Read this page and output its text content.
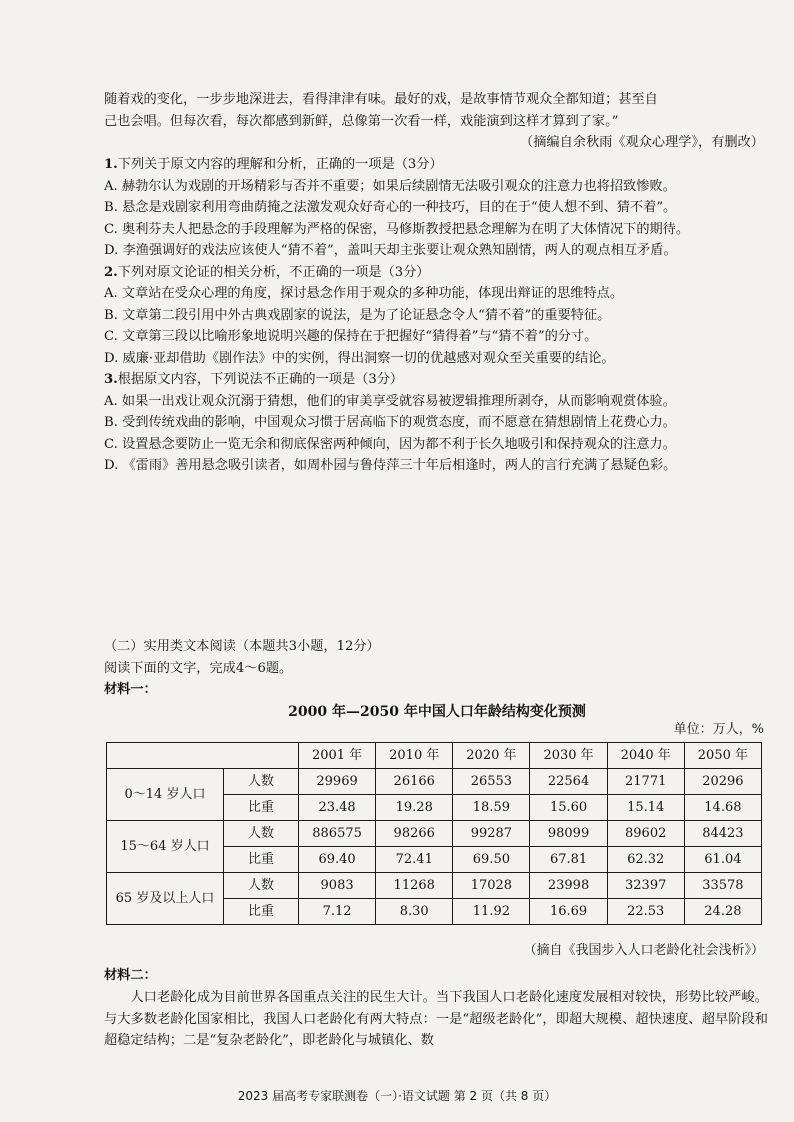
随着戏的变化，一步步地深进去，看得津津有味。最好的戏，是故事情节观众全都知道；甚至自

己也会唱。但每次看，每次都感到新鲜，总像第一次看一样，戏能演到这样才算到了家。”

（摘编自余秋雨《观众心理学》，有删改）

1.下列关于原文内容的理解和分析，正确的一项是（3分）

A. 赫勃尔认为戏剧的开场精彩与否并不重要；如果后续剧情无法吸引观众的注意力也将招致惨败。

B. 悬念是戏剧家利用弯曲荫掩之法激发观众好奇心的一种技巧，目的在于“使人想不到、猜不着”。

C. 奥利芬夫人把悬念的手段理解为严格的保密，马修斯教授把悬念理解为在明了大体情况下的期待。

D. 李渔强调好的戏法应该使人“猜不着”，盖叫天却主张要让观众熟知剧情，两人的观点相互矛盾。

2.下列对原文论证的相关分析，不正确的一项是（3分）

A. 文章站在受众心理的角度，探讨悬念作用于观众的多种功能，体现出辩证的思维特点。

B. 文章第二段引用中外古典戏剧家的说法，是为了论证悬念令人“猜不着”的重要特征。

C. 文章第三段以比喻形象地说明兴趣的保持在于把握好“猜得着”与“猜不着”的分寸。

D. 威廉·亚却借助《剧作法》中的实例，得出洞察一切的优越感对观众至关重要的结论。

3.根据原文内容，下列说法不正确的一项是（3分）

A. 如果一出戏让观众沉溺于猜想，他们的审美享受就容易被逻辑推理所剥夺，从而影响观赏体验。

B. 受到传统戏曲的影响，中国观众习惯于居高临下的观赏态度，而不愿意在猜想剧情上花费心力。

C. 设置悬念要防止一览无余和彻底保密两种倾向，因为都不利于长久地吸引和保持观众的注意力。

D. 《雷雨》善用悬念吸引读者，如周朴园与鲁侍萍三十年后相逢时，两人的言行充满了悬疑色彩。

（二）实用类文本阅读（本题共3小题，12分）

阅读下面的文字，完成4～6题。

材料一：

2000 年—2050 年中国人口年龄结构变化预测
单位：万人，%
		2001 年	2010 年	2020 年	2030 年	2040 年	2050 年
0～14 岁人口	人数	29969	26166	26553	22564	21771	20296
	比重	23.48	19.28	18.59	15.60	15.14	14.68
15～64 岁人口	人数	886575	98266	99287	98099	89602	84423
	比重	69.40	72.41	69.50	67.81	62.32	61.04
65 岁及以上人口	人数	9083	11268	17028	23998	32397	33578
	比重	7.12	8.30	11.92	16.69	22.53	24.28
（摘自《我国步入人口老龄化社会浅析》）
材料二：

人口老龄化成为目前世界各国重点关注的民生大计。当下我国人口老龄化速度发展相对较快，形势比较严峻。与大多数老龄化国家相比，我国人口老龄化有两大特点：一是“超级老龄化”，即超大规模、超快速度、超早阶段和超稳定结构；二是“复杂老龄化”，即老龄化与城镇化、数

2023 届高考专家联测卷（一）·语文试题 第 2 页（共 8 页）
